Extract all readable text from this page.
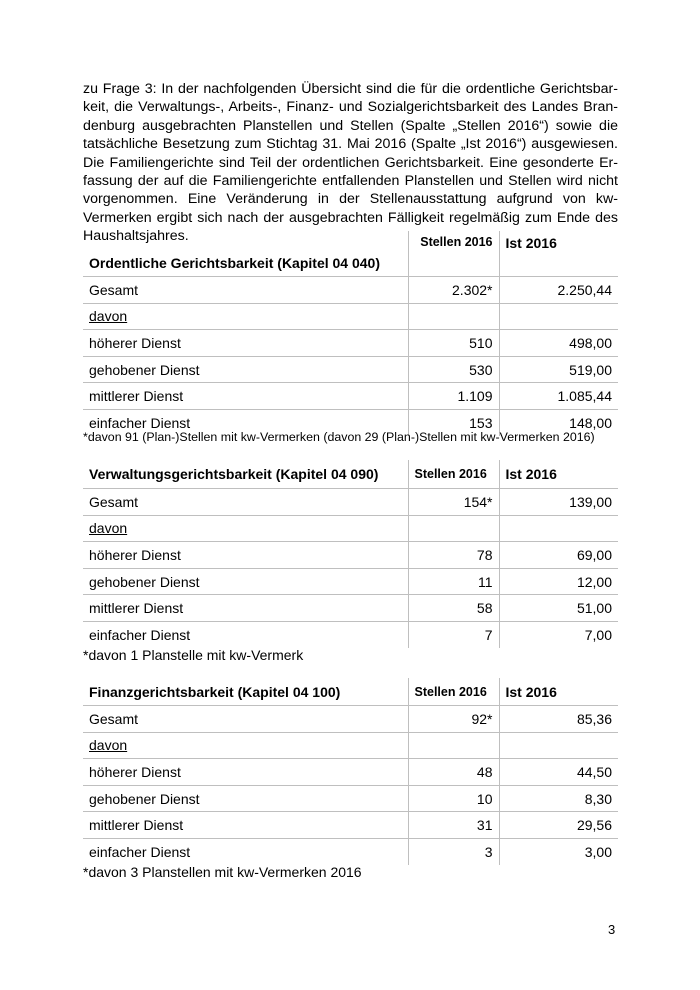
zu Frage 3: In der nachfolgenden Übersicht sind die für die ordentliche Gerichtsbarkeit, die Verwaltungs-, Arbeits-, Finanz- und Sozialgerichtsbarkeit des Landes Brandenburg ausgebrachten Planstellen und Stellen (Spalte „Stellen 2016“) sowie die tatsächliche Besetzung zum Stichtag 31. Mai 2016 (Spalte „Ist 2016“) ausgewiesen. Die Familiengerichte sind Teil der ordentlichen Gerichtsbarkeit. Eine gesonderte Erfassung der auf die Familiengerichte entfallenden Planstellen und Stellen wird nicht vorgenommen. Eine Veränderung in der Stellenausstattung aufgrund von kw-Vermerken ergibt sich nach der ausgebrachten Fälligkeit regelmäßig zum Ende des Haushaltsjahres.

Ordentliche Gerichtsbarkeit (Kapitel 04 040)	Stellen 2016	Ist 2016
Gesamt	2.302*	2.250,44
davon		
höherer Dienst	510	498,00
gehobener Dienst	530	519,00
mittlerer Dienst	1.109	1.085,44
einfacher Dienst	153	148,00

*davon 91 (Plan-)Stellen mit kw-Vermerken (davon 29 (Plan-)Stellen mit kw-Vermerken 2016)

Verwaltungsgerichtsbarkeit (Kapitel 04 090)	Stellen 2016	Ist 2016
Gesamt	154*	139,00
davon		
höherer Dienst	78	69,00
gehobener Dienst	11	12,00
mittlerer Dienst	58	51,00
einfacher Dienst	7	7,00

*davon 1 Planstelle mit kw-Vermerk

Finanzgerichtsbarkeit (Kapitel 04 100)	Stellen 2016	Ist 2016
Gesamt	92*	85,36
davon		
höherer Dienst	48	44,50
gehobener Dienst	10	8,30
mittlerer Dienst	31	29,56
einfacher Dienst	3	3,00

*davon 3 Planstellen mit kw-Vermerken 2016

3
